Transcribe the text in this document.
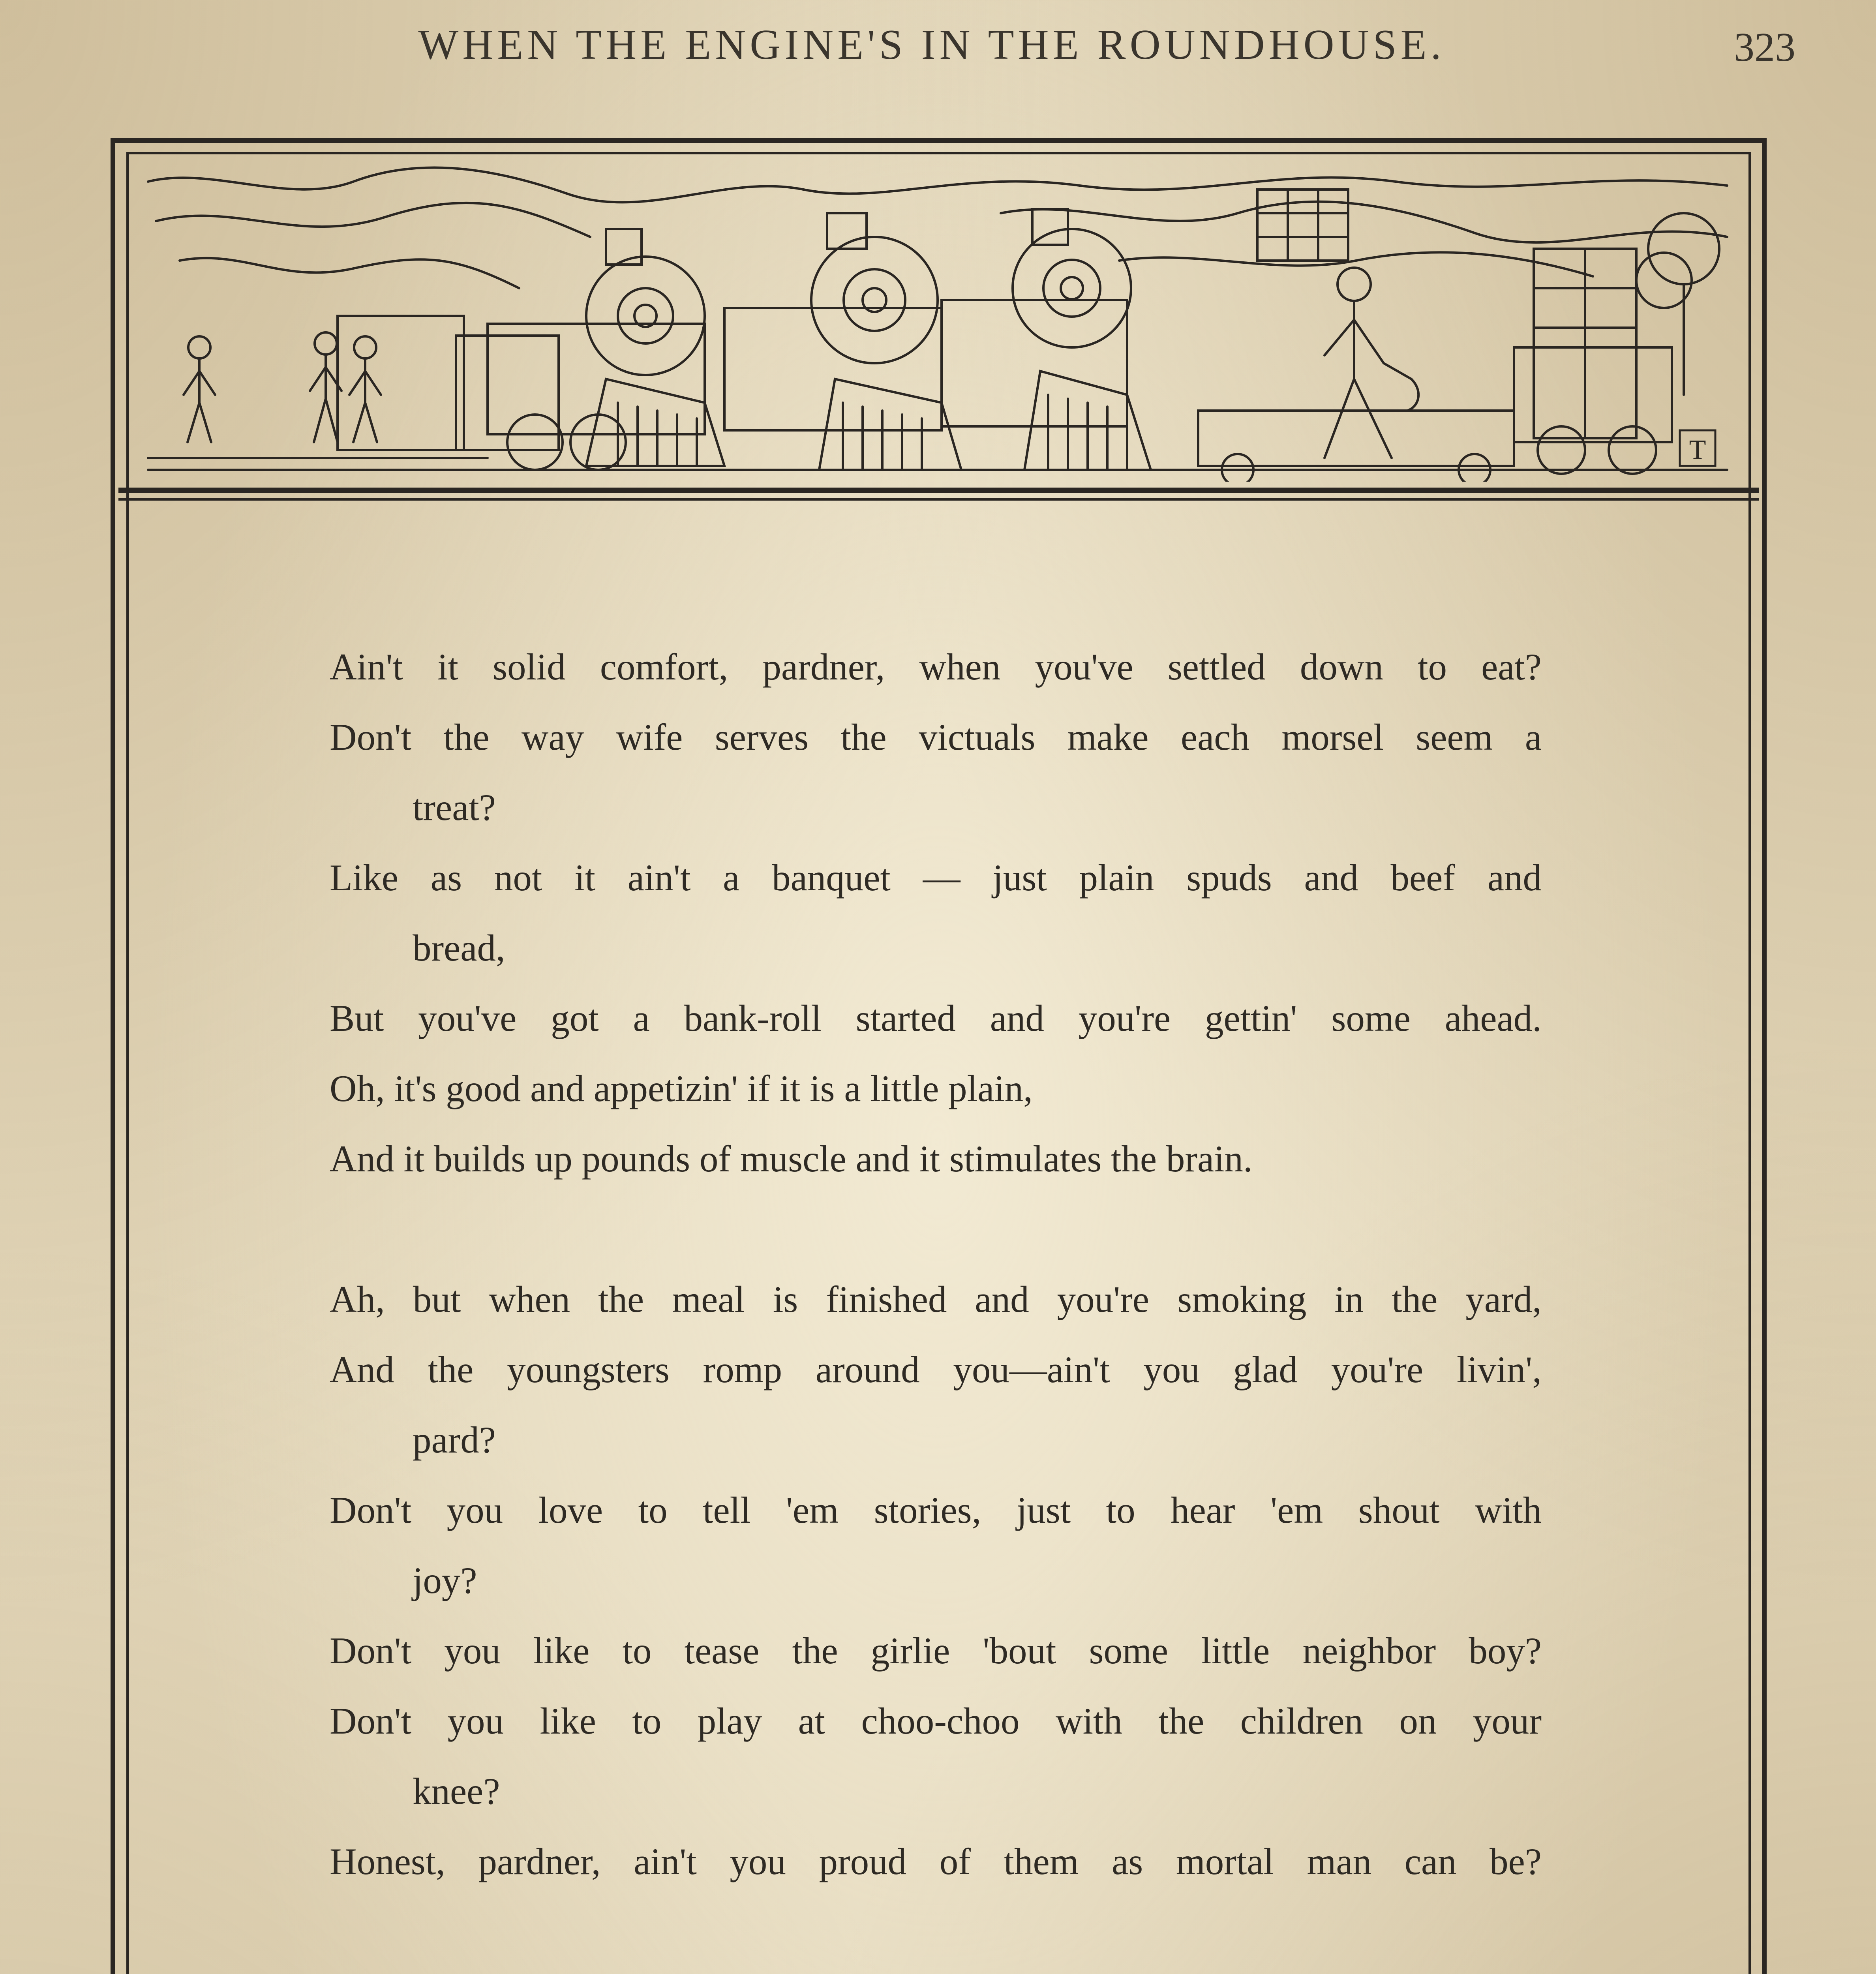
WHEN THE ENGINE'S IN THE ROUNDHOUSE.	323
T
Ain't it solid comfort, pardner, when you've settled down to eat?
Don't the way wife serves the victuals make each morsel seem a
treat?
Like as not it ain't a banquet — just plain spuds and beef and
bread,
But you've got a bank-roll started and you're gettin' some ahead.
Oh, it's good and appetizin' if it is a little plain,
And it builds up pounds of muscle and it stimulates the brain.
Ah, but when the meal is finished and you're smoking in the yard,
And the youngsters romp around you—ain't you glad you're livin',
pard?
Don't you love to tell 'em stories, just to hear 'em shout with
joy?
Don't you like to tease the girlie 'bout some little neighbor boy?
Don't you like to play at choo-choo with the children on your
knee?
Honest, pardner, ain't you proud of them as mortal man can be?
